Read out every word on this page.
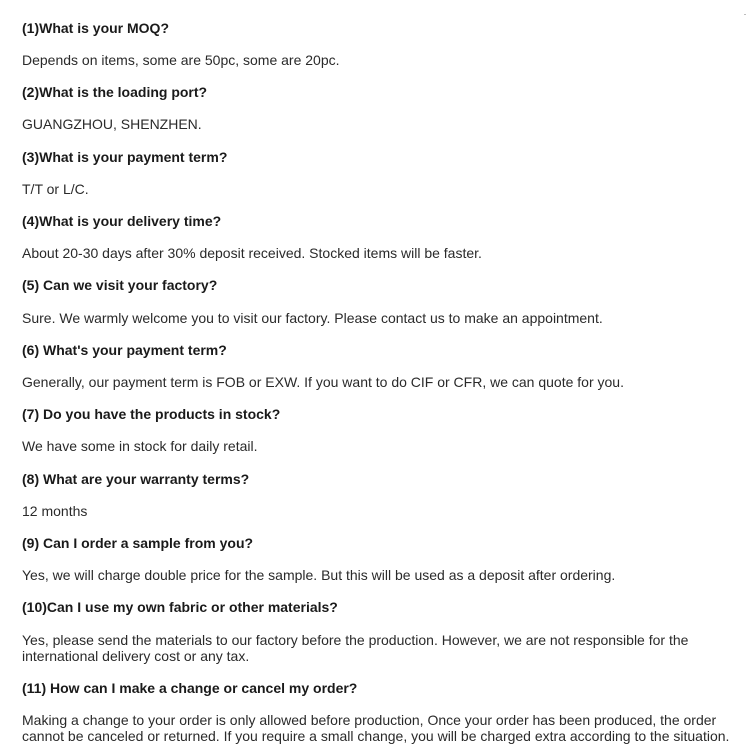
(1)What is your MOQ?
Depends on items, some are 50pc, some are 20pc.
(2)What is the loading port?
GUANGZHOU, SHENZHEN.
(3)What is your payment term?
T/T or L/C.
(4)What is your delivery time?
About 20-30 days after 30% deposit received. Stocked items will be faster.
(5) Can we visit your factory?
Sure. We warmly welcome you to visit our factory. Please contact us to make an appointment.
(6) What's your payment term?
Generally, our payment term is FOB or EXW. If you want to do CIF or CFR, we can quote for you.
(7) Do you have the products in stock?
We have some in stock for daily retail.
(8) What are your warranty terms?
12 months
(9) Can I order a sample from you?
Yes, we will charge double price for the sample. But this will be used as a deposit after ordering.
(10)Can I use my own fabric or other materials?
Yes, please send the materials to our factory before the production. However, we are not responsible for the international delivery cost or any tax.
(11) How can I make a change or cancel my order?
Making a change to your order is only allowed before production, Once your order has been produced, the order cannot be canceled or returned. If you require a small change, you will be charged extra according to the situation.
